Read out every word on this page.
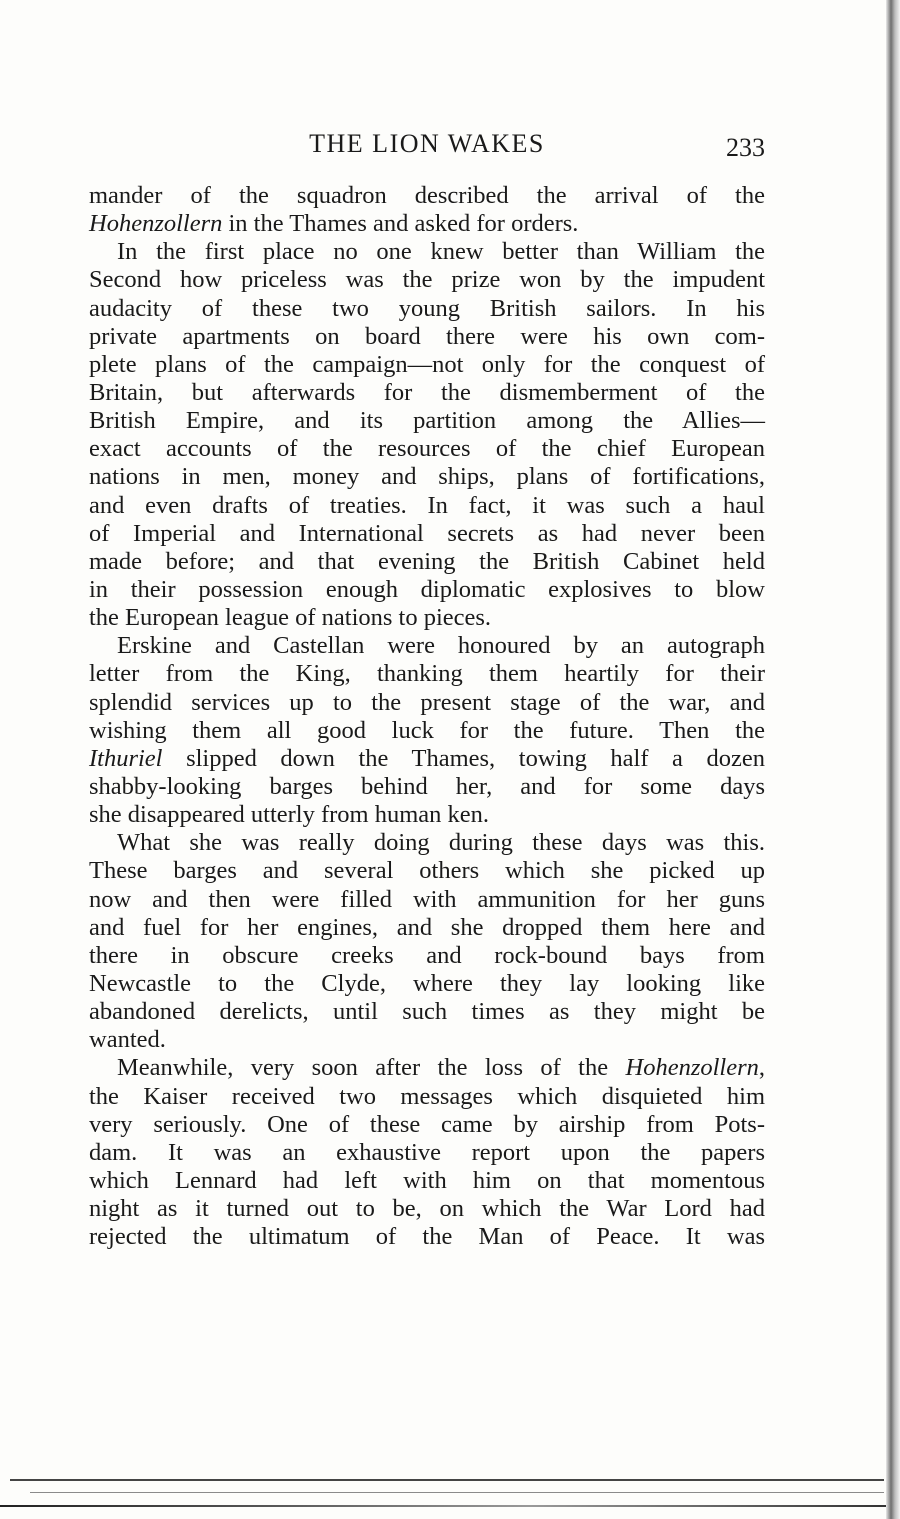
THE LION WAKES	233
mander of the squadron described the arrival of the
Hohenzollern in the Thames and asked for orders.
In the first place no one knew better than William the
Second how priceless was the prize won by the impudent
audacity of these two young British sailors. In his
private apartments on board there were his own com-
plete plans of the campaign—not only for the conquest of
Britain, but afterwards for the dismemberment of the
British Empire, and its partition among the Allies—
exact accounts of the resources of the chief European
nations in men, money and ships, plans of fortifications,
and even drafts of treaties. In fact, it was such a haul
of Imperial and International secrets as had never been
made before; and that evening the British Cabinet held
in their possession enough diplomatic explosives to blow
the European league of nations to pieces.
Erskine and Castellan were honoured by an autograph
letter from the King, thanking them heartily for their
splendid services up to the present stage of the war, and
wishing them all good luck for the future. Then the
Ithuriel slipped down the Thames, towing half a dozen
shabby-looking barges behind her, and for some days
she disappeared utterly from human ken.
What she was really doing during these days was this.
These barges and several others which she picked up
now and then were filled with ammunition for her guns
and fuel for her engines, and she dropped them here and
there in obscure creeks and rock-bound bays from
Newcastle to the Clyde, where they lay looking like
abandoned derelicts, until such times as they might be
wanted.
Meanwhile, very soon after the loss of the Hohenzollern,
the Kaiser received two messages which disquieted him
very seriously. One of these came by airship from Pots-
dam. It was an exhaustive report upon the papers
which Lennard had left with him on that momentous
night as it turned out to be, on which the War Lord had
rejected the ultimatum of the Man of Peace. It was
